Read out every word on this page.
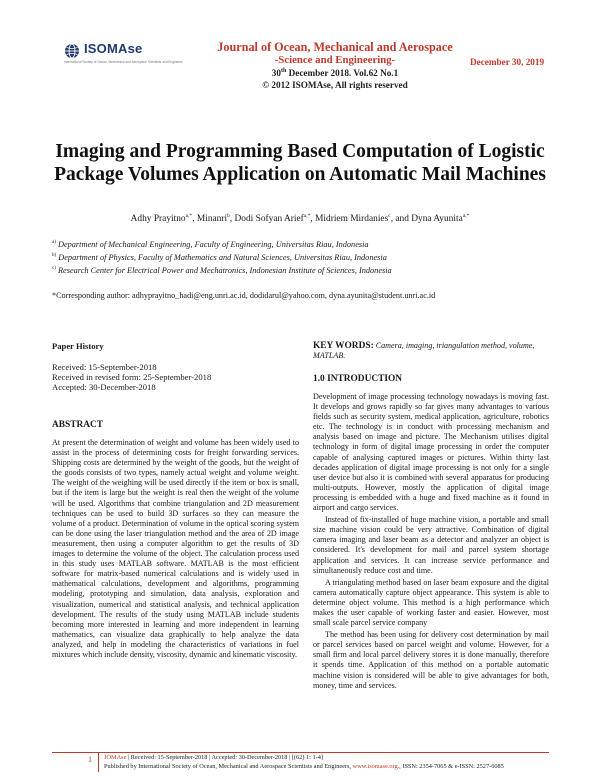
ISOMAse
International Society of Ocean, Mechanical and Aerospace Scientists and Engineers
Journal of Ocean, Mechanical and Aerospace
-Science and Engineering-
30th December 2018. Vol.62 No.1
© 2012 ISOMAse, All rights reserved
December 30, 2019
Imaging and Programming Based Computation of Logistic
Package Volumes Application on Automatic Mail Machines
Adhy Prayitno$^{a,*}$, Minanri$^b$, Dodi Sofyan Arief$^{a,*}$, Midriem Mirdanies$^c$, and Dyna Ayunita$^{a,*}$
$^{a)}$ Department of Mechanical Engineering, Faculty of Engineering, Universitas Riau, Indonesia
$^{b)}$ Department of Physics, Faculty of Mathematics and Natural Sciences, Universitas Riau, Indonesia
$^{c)}$ Research Center for Electrical Power and Mechatronics, Indonesian Institute of Sciences, Indonesia
*Corresponding author: adhyprayitno_hadi@eng.unri.ac.id, dodidarul@yahoo.com, dyna.ayunita@student.unri.ac.id
Paper History
Received: 15-September-2018
Received in revised form: 25-September-2018
Accepted: 30-December-2018
ABSTRACT
At present the determination of weight and volume has been widely used to assist in the process of determining costs for freight forwarding services. Shipping costs are determined by the weight of the goods, but the weight of the goods consists of two types, namely actual weight and volume weight. The weight of the weighing will be used directly if the item or box is small, but if the item is large but the weight is real then the weight of the volume will be used. Algorithms that combine triangulation and 2D measurement techniques can be used to build 3D surfaces so they can measure the volume of a product. Determination of volume in the optical scoring system can be done using the laser triangulation method and the area of 2D image measurement, then using a computer algorithm to get the results of 3D images to determine the volume of the object. The calculation process used in this study uses MATLAB software. MATLAB is the most efficient software for matrix-based numerical calculations and is widely used in mathematical calculations, development and algorithms, programming modeling, prototyping and simulation, data analysis, exploration and visualization, numerical and statistical analysis, and technical application development. The results of the study using MATLAB include students becoming more interested in learning and more independent in learning mathematics, can visualize data graphically to help analyze the data analyzed, and help in modeling the characteristics of variations in fuel mixtures which include density, viscosity, dynamic and kinematic viscosity.
KEY WORDS: Camera, imaging, triangulation method, volume, MATLAB.
1.0 INTRODUCTION

Development of image processing technology nowadays is moving fast. It develops and grows rapidly so far gives many advantages to various fields such as security system, medical application, agriculture, robotics etc. The technology is in conduct with processing mechanism and analysis based on image and picture. The Mechanism utilises digital technology in form of digital image processing in order the computer capable of analysing captured images or pictures. Within thirty last decades application of digital image processing is not only for a single user device but also it is combined with several apparatus for producing multi-outputs. However, mostly the application of digital image processing is embedded with a huge and fixed machine as it found in airport and cargo services.

Instead of fix-installed of huge machine vision, a portable and small size machine vision could be very attractive. Combination of digital camera imaging and laser beam as a detector and analyzer an object is considered. It's development for mail and parcel system shortage application and services. It can increase service performance and simultaneously reduce cost and time.

A triangulating method based on laser beam exposure and the digital camera automatically capture object appearance. This system is able to determine object volume. This method is a high performance which makes the user capable of working faster and easier. However, most small scale parcel service company

The method has been using for delivery cost determination by mail or parcel services based on parcel weight and volume. However, for a small firm and local parcel delivery stores it is done manually, therefore it spends time. Application of this method on a portable automatic machine vision is considered will be able to give advantages for both, money, time and services.

1 JOMAse | Received: 15-September-2018 | Accepted: 30-December-2018 | [(62) 1: 1-4]
Published by International Society of Ocean, Mechanical and Aerospace Scientists and Engineers, www.isomase.org., ISSN: 2354-7065 & e-ISSN: 2527-6085
